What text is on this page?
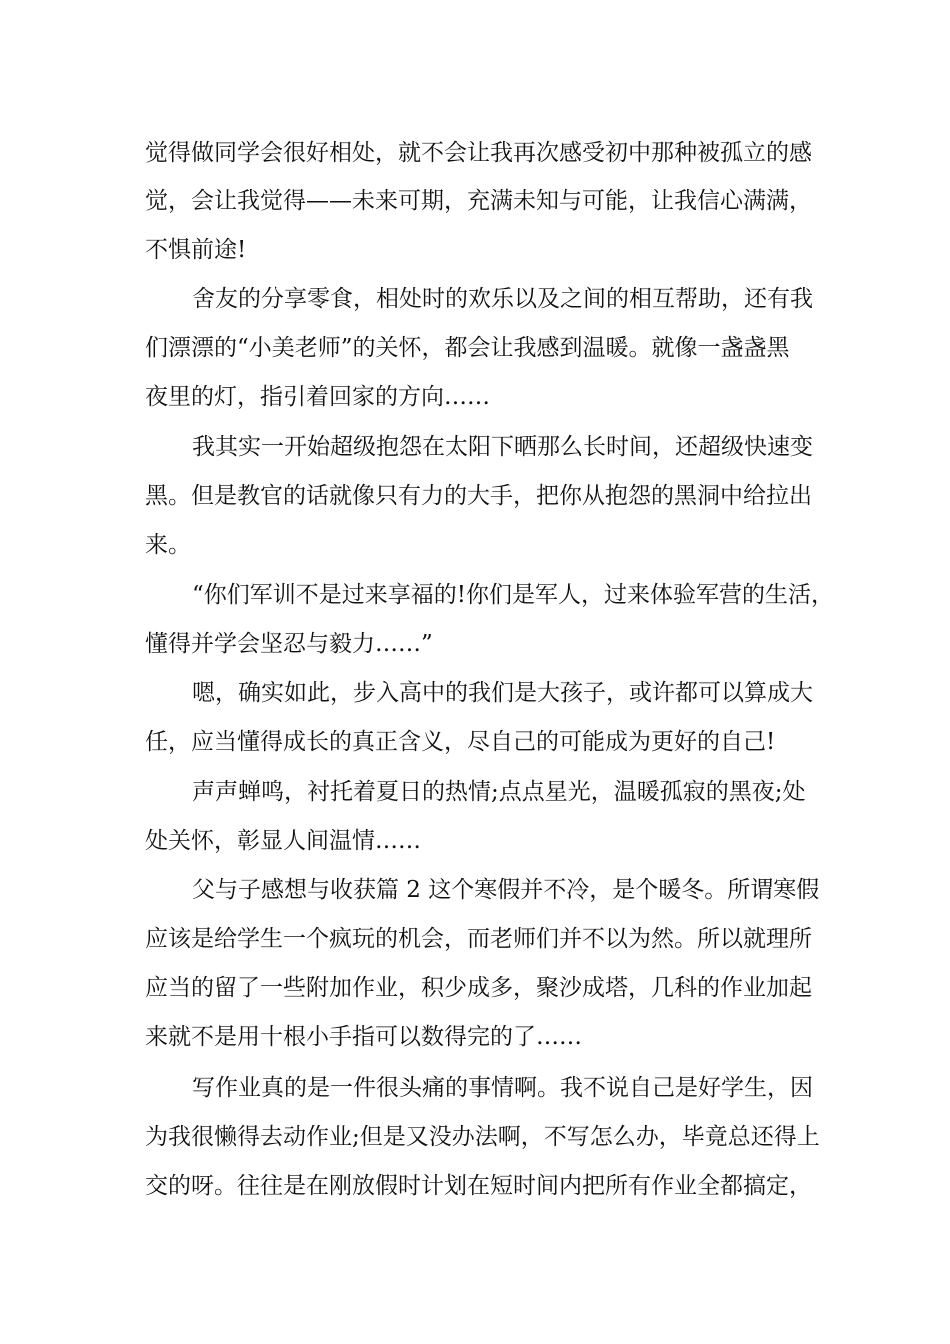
觉得做同学会很好相处，就不会让我再次感受初中那种被孤立的感
觉，会让我觉得——未来可期，充满未知与可能，让我信心满满，
不惧前途!
舍友的分享零食，相处时的欢乐以及之间的相互帮助，还有我
们漂漂的“小美老师”的关怀，都会让我感到温暖。就像一盏盏黑
夜里的灯，指引着回家的方向……
我其实一开始超级抱怨在太阳下晒那么长时间，还超级快速变
黑。但是教官的话就像只有力的大手，把你从抱怨的黑洞中给拉出
来。
“你们军训不是过来享福的!你们是军人，过来体验军营的生活，
懂得并学会坚忍与毅力……”
嗯，确实如此，步入高中的我们是大孩子，或许都可以算成大
任，应当懂得成长的真正含义，尽自己的可能成为更好的自己!
声声蝉鸣，衬托着夏日的热情;点点星光，温暖孤寂的黑夜;处
处关怀，彰显人间温情……
父与子感想与收获篇 2 这个寒假并不冷，是个暖冬。所谓寒假
应该是给学生一个疯玩的机会，而老师们并不以为然。所以就理所
应当的留了一些附加作业，积少成多，聚沙成塔，几科的作业加起
来就不是用十根小手指可以数得完的了……
写作业真的是一件很头痛的事情啊。我不说自己是好学生，因
为我很懒得去动作业;但是又没办法啊，不写怎么办，毕竟总还得上
交的呀。往往是在刚放假时计划在短时间内把所有作业全都搞定，
